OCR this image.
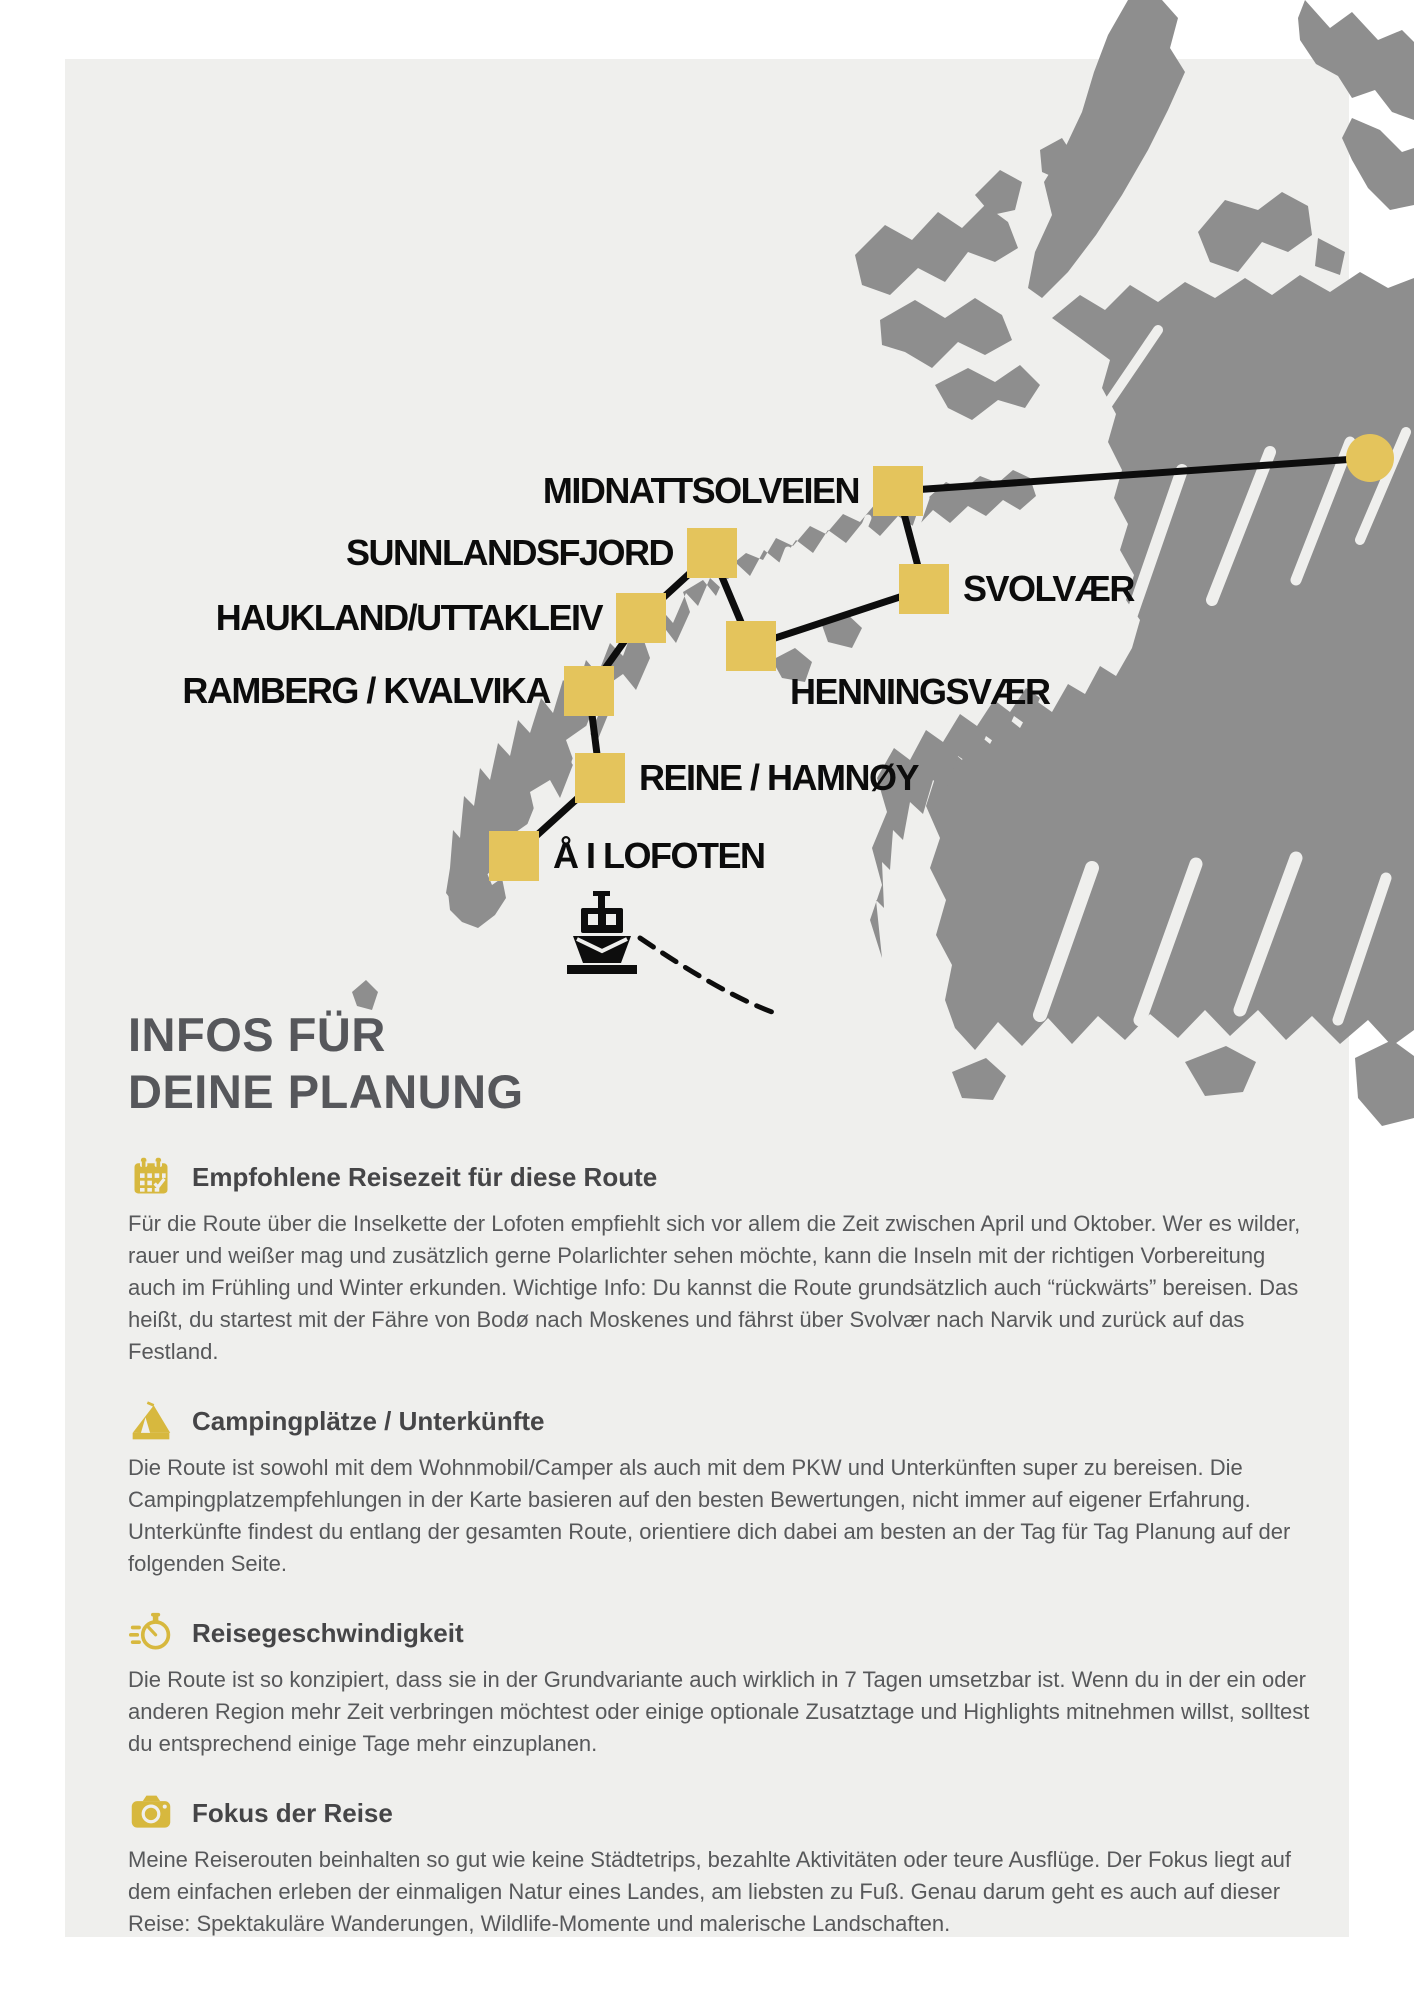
MIDNATTSOLVEIEN
SUNNLANDSFJORD
HAUKLAND/UTTAKLEIV
RAMBERG / KVALVIKA
SVOLVÆR
HENNINGSVÆR
REINE / HAMNØY
Å I LOFOTEN
INFOS FÜR
DEINE PLANUNG
Empfohlene Reisezeit für diese Route

Für die Route über die Inselkette der Lofoten empfiehlt sich vor allem die Zeit zwischen April und Oktober. Wer es wilder, rauer und weißer mag und zusätzlich gerne Polarlichter sehen möchte, kann die Inseln mit der richtigen Vorbereitung auch im Frühling und Winter erkunden. Wichtige Info: Du kannst die Route grundsätzlich auch “rückwärts” bereisen. Das heißt, du startest mit der Fähre von Bodø nach Moskenes und fährst über Svolvær nach Narvik und zurück auf das Festland.

Campingplätze / Unterkünfte

Die Route ist sowohl mit dem Wohnmobil/Camper als auch mit dem PKW und Unterkünften super zu bereisen. Die Campingplatzempfehlungen in der Karte basieren auf den besten Bewertungen, nicht immer auf eigener Erfahrung. Unterkünfte findest du entlang der gesamten Route, orientiere dich dabei am besten an der Tag für Tag Planung auf der folgenden Seite.

Reisegeschwindigkeit

Die Route ist so konzipiert, dass sie in der Grundvariante auch wirklich in 7 Tagen umsetzbar ist. Wenn du in der ein oder anderen Region mehr Zeit verbringen möchtest oder einige optionale Zusatztage und Highlights mitnehmen willst, solltest du entsprechend einige Tage mehr einzuplanen.

Fokus der Reise

Meine Reiserouten beinhalten so gut wie keine Städtetrips, bezahlte Aktivitäten oder teure Ausflüge. Der Fokus liegt auf dem einfachen erleben der einmaligen Natur eines Landes, am liebsten zu Fuß. Genau darum geht es auch auf dieser Reise: Spektakuläre Wanderungen, Wildlife-Momente und malerische Landschaften.
